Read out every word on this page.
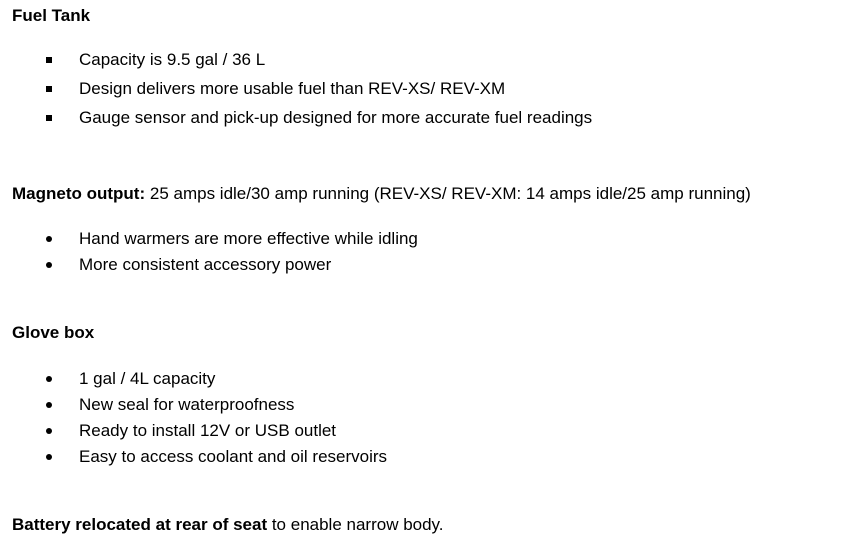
Fuel Tank
Capacity is 9.5 gal / 36 L
Design delivers more usable fuel than REV-XS/ REV-XM
Gauge sensor and pick-up designed for more accurate fuel readings
Magneto output: 25 amps idle/30 amp running (REV-XS/ REV-XM: 14 amps idle/25 amp running)
Hand warmers are more effective while idling
More consistent accessory power
Glove box
1 gal / 4L capacity
New seal for waterproofness
Ready to install 12V or USB outlet
Easy to access coolant and oil reservoirs
Battery relocated at rear of seat to enable narrow body.
